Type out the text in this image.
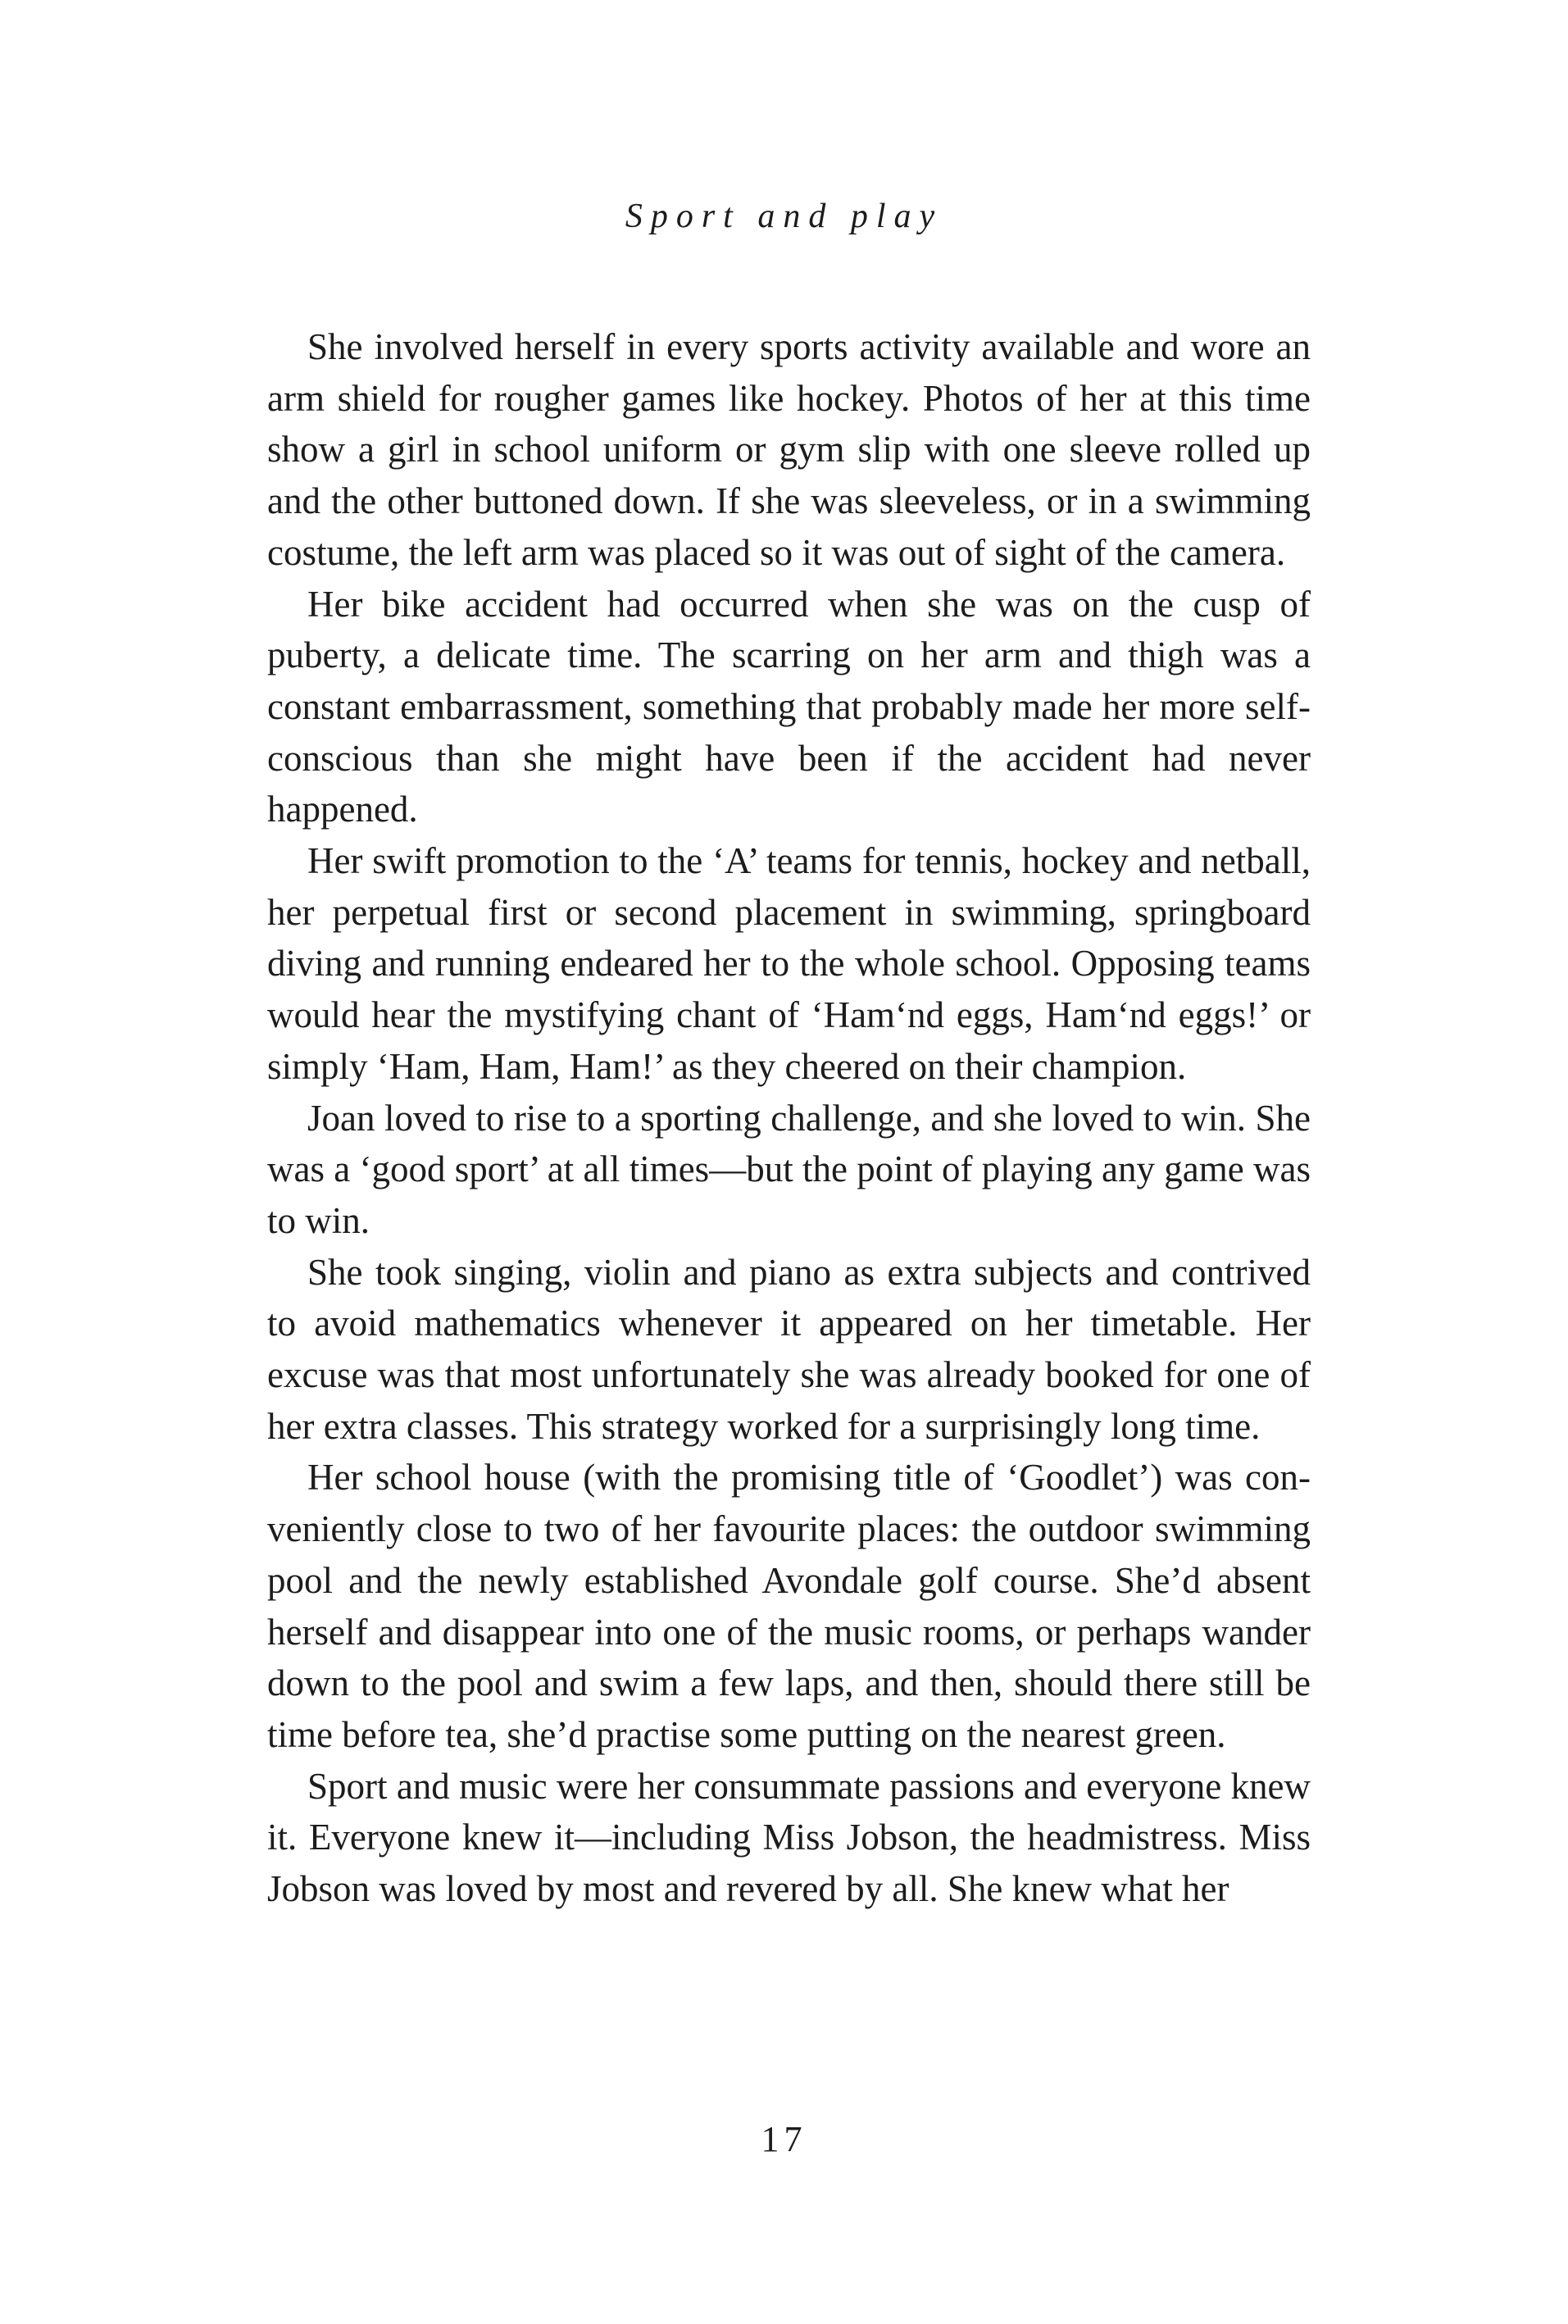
Sport and play

She involved herself in every sports activity available and wore an arm shield for rougher games like hockey. Photos of her at this time show a girl in school uniform or gym slip with one sleeve rolled up and the other buttoned down. If she was sleeveless, or in a swimming costume, the left arm was placed so it was out of sight of the camera.

Her bike accident had occurred when she was on the cusp of puberty, a delicate time. The scarring on her arm and thigh was a constant embarrassment, something that probably made her more self-conscious than she might have been if the accident had never happened.

Her swift promotion to the ‘A’ teams for tennis, hockey and netball, her perpetual first or second placement in swimming, springboard diving and running endeared her to the whole school. Opposing teams would hear the mystifying chant of ‘Ham‘nd eggs, Ham‘nd eggs!’ or simply ‘Ham, Ham, Ham!’ as they cheered on their champion.

Joan loved to rise to a sporting challenge, and she loved to win. She was a ‘good sport’ at all times—but the point of playing any game was to win.

She took singing, violin and piano as extra subjects and contrived to avoid mathematics whenever it appeared on her timetable. Her excuse was that most unfortunately she was already booked for one of her extra classes. This strategy worked for a surprisingly long time.

Her school house (with the promising title of ‘Goodlet’) was conveniently close to two of her favourite places: the outdoor swimming pool and the newly established Avondale golf course. She’d absent herself and disappear into one of the music rooms, or perhaps wander down to the pool and swim a few laps, and then, should there still be time before tea, she’d practise some putting on the nearest green.

Sport and music were her consummate passions and everyone knew it. Everyone knew it—including Miss Jobson, the headmistress. Miss Jobson was loved by most and revered by all. She knew what her

17
